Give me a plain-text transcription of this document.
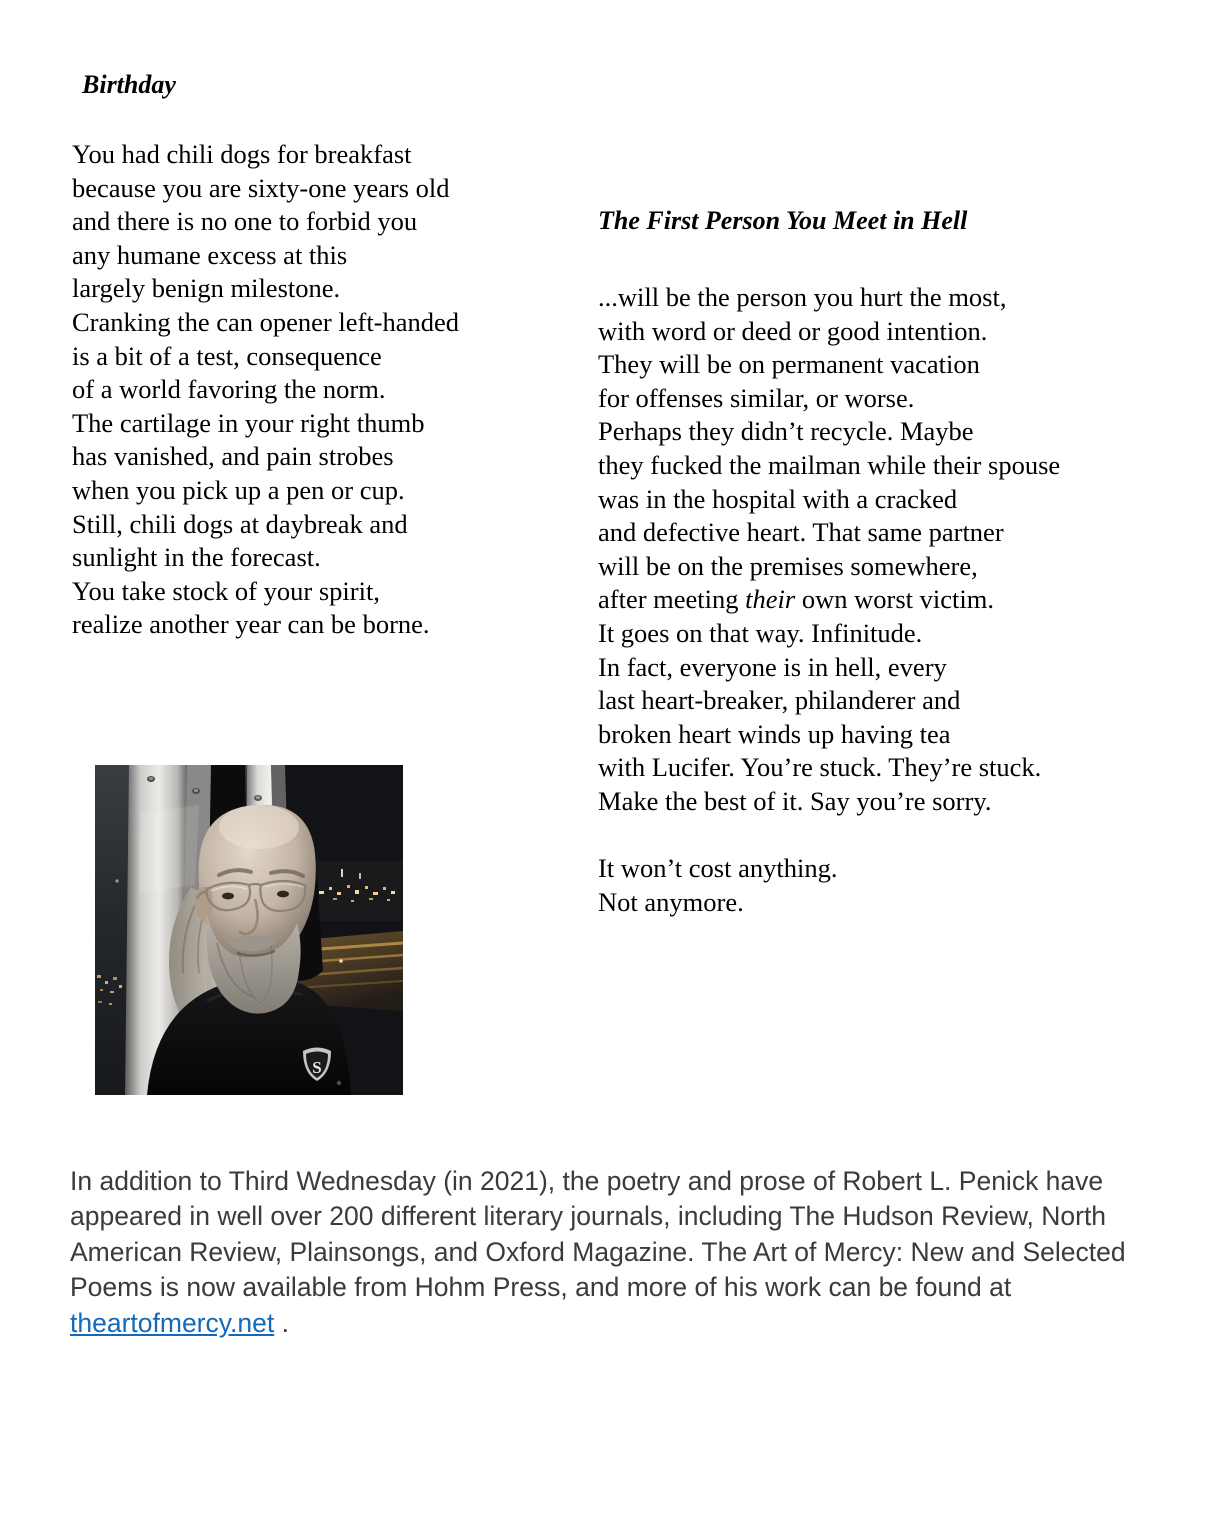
Birthday
You had chili dogs for breakfast
because you are sixty-one years old
and there is no one to forbid you
any humane excess at this
largely benign milestone.
Cranking the can opener left-handed
is a bit of a test, consequence
of a world favoring the norm.
The cartilage in your right thumb
has vanished, and pain strobes
when you pick up a pen or cup.
Still, chili dogs at daybreak and
sunlight in the forecast.
You take stock of your spirit,
realize another year can be borne.
The First Person You Meet in Hell
...will be the person you hurt the most,
with word or deed or good intention.
They will be on permanent vacation
for offenses similar, or worse.
Perhaps they didn’t recycle. Maybe
they fucked the mailman while their spouse
was in the hospital with a cracked
and defective heart. That same partner
will be on the premises somewhere,
after meeting their own worst victim.
It goes on that way. Infinitude.
In fact, everyone is in hell, every
last heart-breaker, philanderer and
broken heart winds up having tea
with Lucifer. You’re stuck. They’re stuck.
Make the best of it. Say you’re sorry.
It won’t cost anything.
Not anymore.
S

In addition to Third Wednesday (in 2021), the poetry and prose of Robert L. Penick have appeared in well over 200 different literary journals, including The Hudson Review, North American Review, Plainsongs, and Oxford Magazine. The Art of Mercy: New and Selected Poems is now available from Hohm Press, and more of his work can be found at theartofmercy.net .
